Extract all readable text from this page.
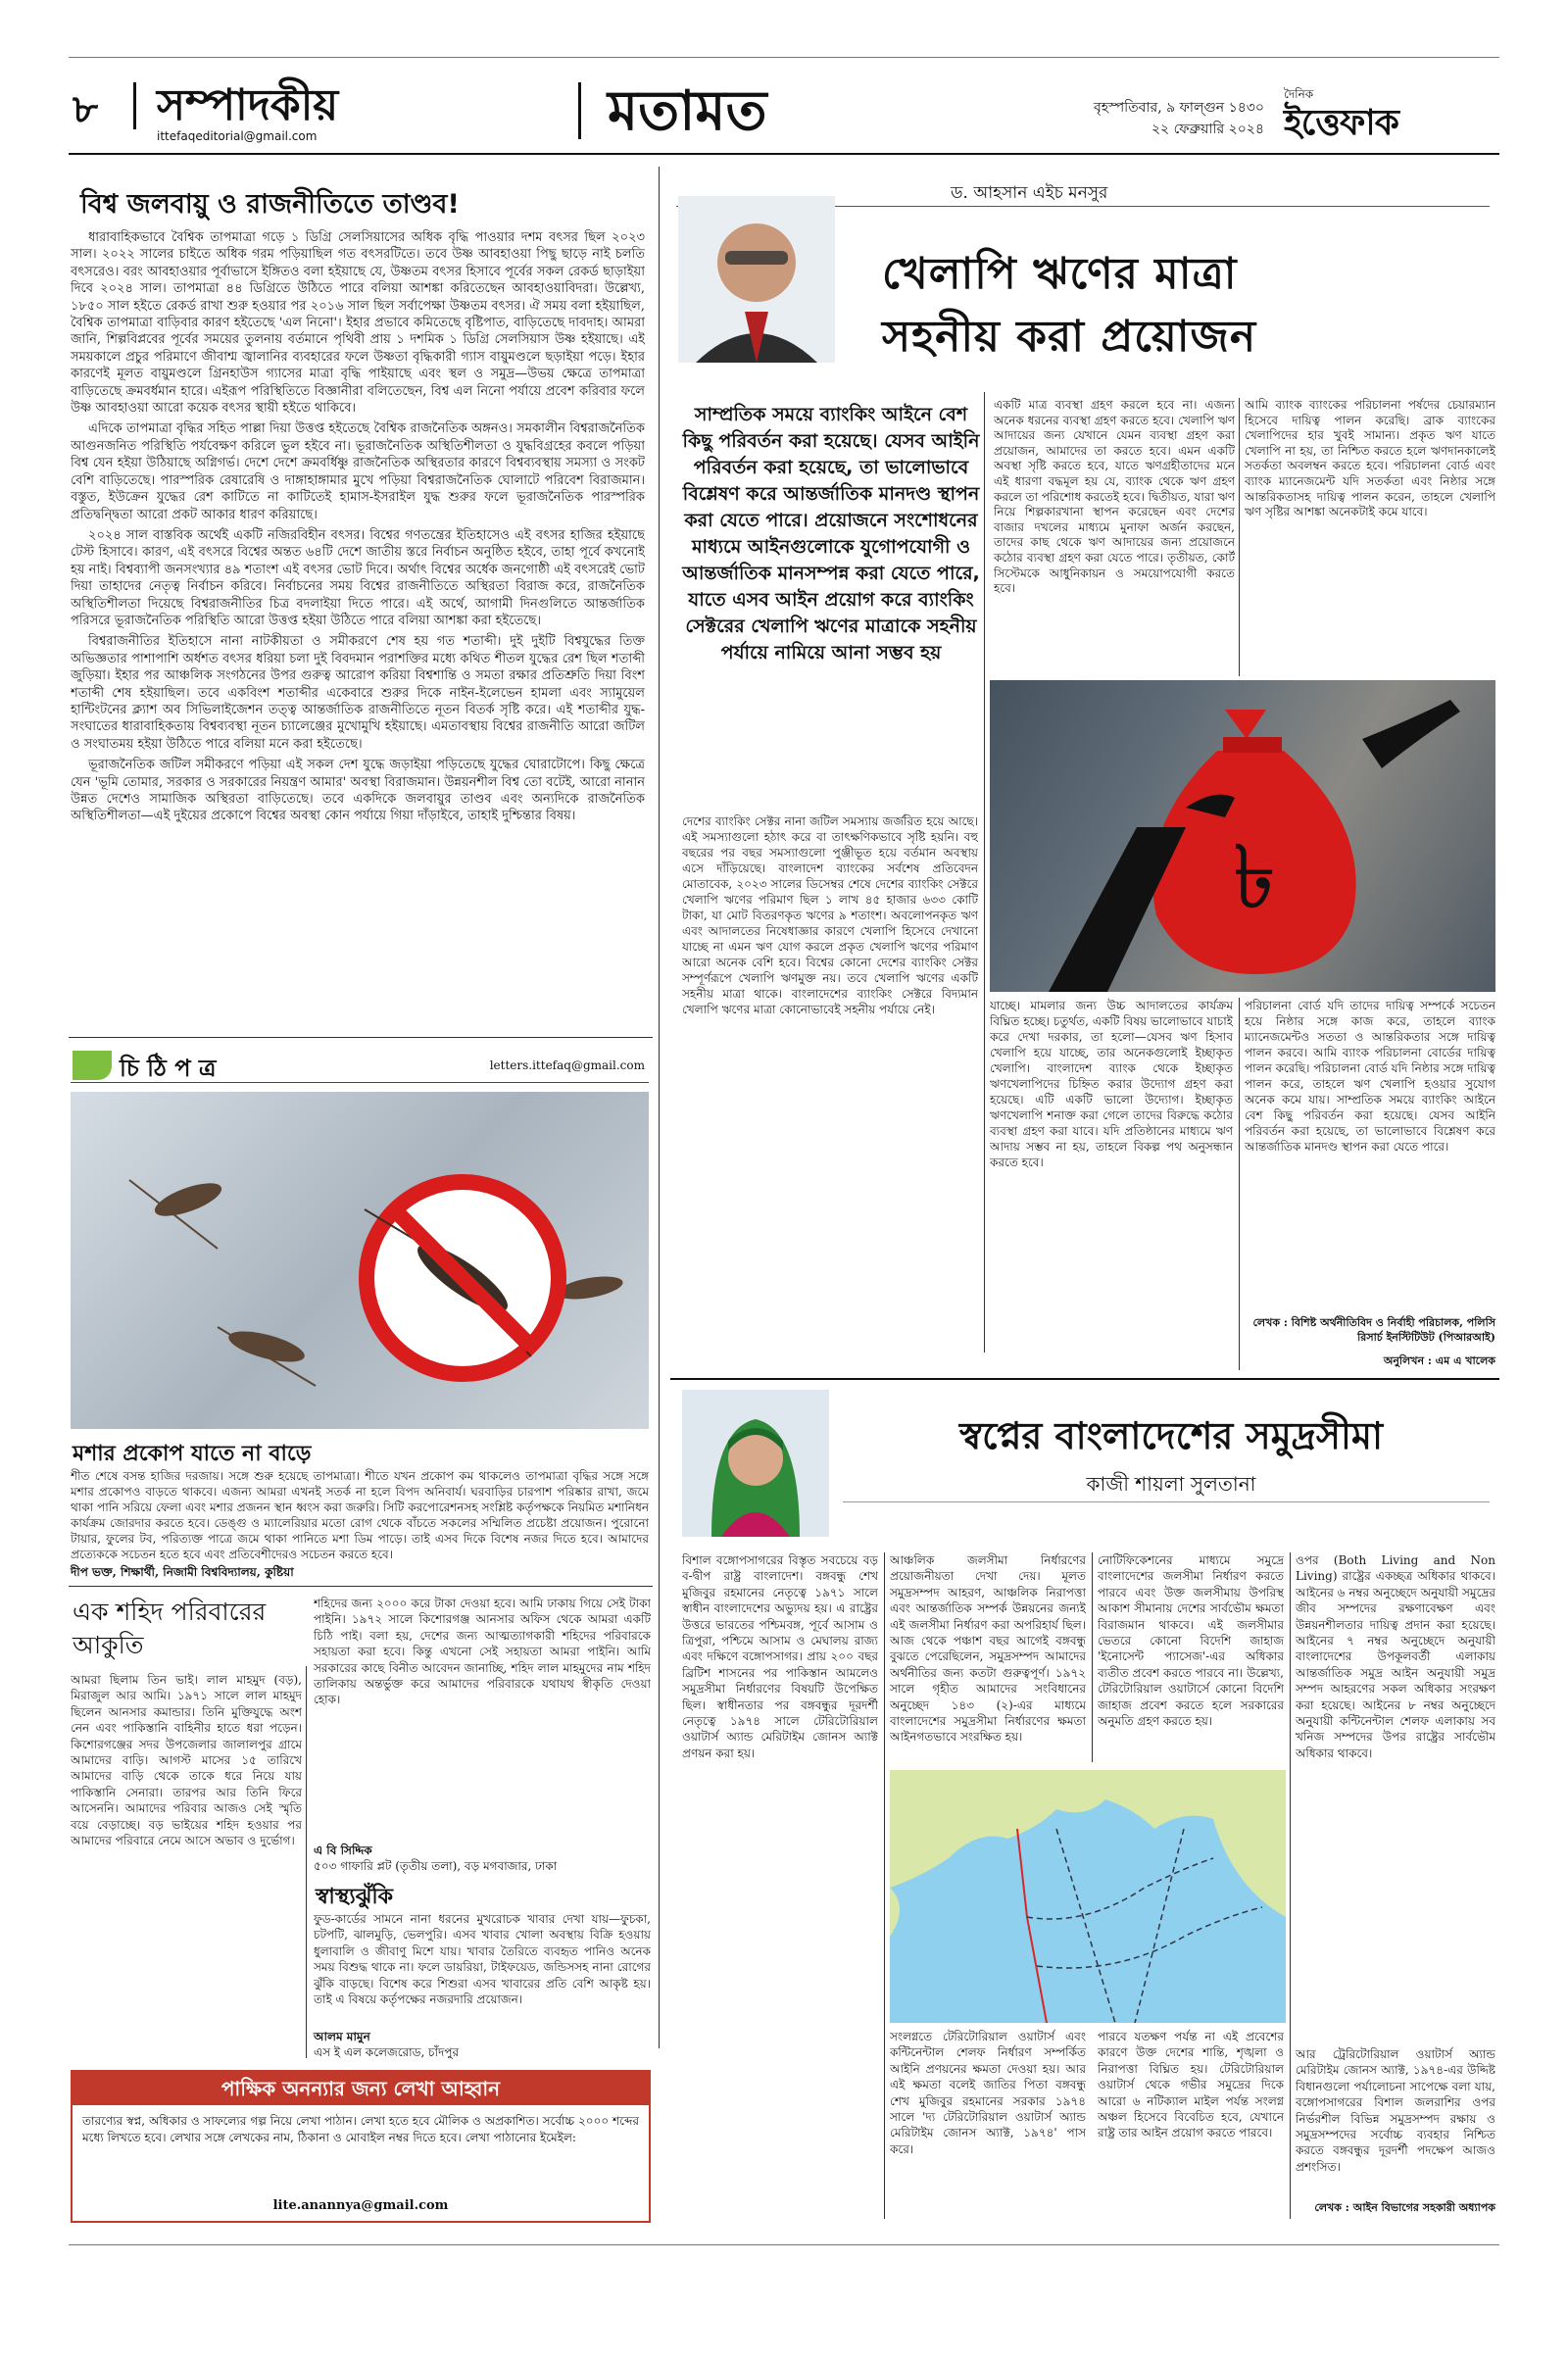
৮ সম্পাদকীয়
ittefaqeditorial@gmail.com	মতামত	বৃহস্পতিবার, ৯ ফাল্গুন ১৪৩০
২২ ফেব্রুয়ারি ২০২৪
দৈনিক
ইত্তেফাক
বিশ্ব জলবায়ু ও রাজনীতিতে তাণ্ডব!

ধারাবাহিকভাবে বৈশ্বিক তাপমাত্রা গড়ে ১ ডিগ্রি সেলসিয়াসের অধিক বৃদ্ধি পাওয়ার দশম বৎসর ছিল ২০২৩ সাল। ২০২২ সালের চাইতে অধিক গরম পড়িয়াছিল গত বৎসরটিতে। তবে উষ্ণ আবহাওয়া পিছু ছাড়ে নাই চলতি বৎসরেও। বরং আবহাওয়ার পূর্বাভাসে ইঙ্গিতও বলা হইয়াছে যে, উষ্ণতম বৎসর হিসাবে পূর্বের সকল রেকর্ড ছাড়াইয়া দিবে ২০২৪ সাল। তাপমাত্রা ৪৪ ডিগ্রিতে উঠিতে পারে বলিয়া আশঙ্কা করিতেছেন আবহাওয়াবিদরা। উল্লেখ্য, ১৮৫০ সাল হইতে রেকর্ড রাখা শুরু হওয়ার পর ২০১৬ সাল ছিল সর্বাপেক্ষা উষ্ণতম বৎসর। ঐ সময় বলা হইয়াছিল, বৈশ্বিক তাপমাত্রা বাড়িবার কারণ হইতেছে 'এল নিনো'। ইহার প্রভাবে কমিতেছে বৃষ্টিপাত, বাড়িতেছে দাবদাহ। আমরা জানি, শিল্পবিপ্লবের পূর্বের সময়ের তুলনায় বর্তমানে পৃথিবী প্রায় ১ দশমিক ১ ডিগ্রি সেলসিয়াস উষ্ণ হইয়াছে। এই সময়কালে প্রচুর পরিমাণে জীবাশ্ম জ্বালানির ব্যবহারের ফলে উষ্ণতা বৃদ্ধিকারী গ্যাস বায়ুমণ্ডলে ছড়াইয়া পড়ে। ইহার কারণেই মূলত বায়ুমণ্ডলে গ্রিনহাউস গ্যাসের মাত্রা বৃদ্ধি পাইয়াছে এবং স্থল ও সমুদ্র—উভয় ক্ষেত্রে তাপমাত্রা বাড়িতেছে ক্রমবর্ধমান হারে। এইরূপ পরিস্থিতিতে বিজ্ঞানীরা বলিতেছেন, বিশ্ব এল নিনো পর্যায়ে প্রবেশ করিবার ফলে উষ্ণ আবহাওয়া আরো কয়েক বৎসর স্থায়ী হইতে থাকিবে।

এদিকে তাপমাত্রা বৃদ্ধির সহিত পাল্লা দিয়া উত্তপ্ত হইতেছে বৈশ্বিক রাজনৈতিক অঙ্গনও। সমকালীন বিশ্বরাজনৈতিক আগুনজনিত পরিস্থিতি পর্যবেক্ষণ করিলে ভুল হইবে না। ভূরাজনৈতিক অস্থিতিশীলতা ও যুদ্ধবিগ্রহের কবলে পড়িয়া বিশ্ব যেন হইয়া উঠিয়াছে অগ্নিগর্ভ। দেশে দেশে ক্রমবর্ধিষ্ণু রাজনৈতিক অস্থিরতার কারণে বিশ্বব্যবস্থায় সমস্যা ও সংকট বেশি বাড়িতেছে। পারস্পরিক রেষারেষি ও দাঙ্গাহাঙ্গামার মুখে পড়িয়া বিশ্বরাজনৈতিক ঘোলাটে পরিবেশ বিরাজমান। বস্তুত, ইউক্রেন যুদ্ধের রেশ কাটিতে না কাটিতেই হামাস-ইসরাইল যুদ্ধ শুরুর ফলে ভূরাজনৈতিক পারস্পরিক প্রতিদ্বন্দ্বিতা আরো প্রকট আকার ধারণ করিয়াছে।

২০২৪ সাল বাস্তবিক অর্থেই একটি নজিরবিহীন বৎসর। বিশ্বের গণতন্ত্রের ইতিহাসেও এই বৎসর হাজির হইয়াছে টেস্ট হিসাবে। কারণ, এই বৎসরে বিশ্বের অন্তত ৬৪টি দেশে জাতীয় স্তরে নির্বাচন অনুষ্ঠিত হইবে, তাহা পূর্বে কখনোই হয় নাই। বিশ্বব্যাপী জনসংখ্যার ৪৯ শতাংশ এই বৎসর ভোট দিবে। অর্থাৎ বিশ্বের অর্ধেক জনগোষ্ঠী এই বৎসরেই ভোট দিয়া তাহাদের নেতৃত্ব নির্বাচন করিবে। নির্বাচনের সময় বিশ্বের রাজনীতিতে অস্থিরতা বিরাজ করে, রাজনৈতিক অস্থিতিশীলতা দিয়েছে বিশ্বরাজনীতির চিত্র বদলাইয়া দিতে পারে। এই অর্থে, আগামী দিনগুলিতে আন্তর্জাতিক পরিসরে ভূরাজনৈতিক পরিস্থিতি আরো উত্তপ্ত হইয়া উঠিতে পারে বলিয়া আশঙ্কা করা হইতেছে।

বিশ্বরাজনীতির ইতিহাসে নানা নাটকীয়তা ও সমীকরণে শেষ হয় গত শতাব্দী। দুই দুইটি বিশ্বযুদ্ধের তিক্ত অভিজ্ঞতার পাশাপাশি অর্ধশত বৎসর ধরিয়া চলা দুই বিবদমান পরাশক্তির মধ্যে কথিত শীতল যুদ্ধের রেশ ছিল শতাব্দী জুড়িয়া। ইহার পর আঞ্চলিক সংগঠনের উপর গুরুত্ব আরোপ করিয়া বিশ্বশান্তি ও সমতা রক্ষার প্রতিশ্রুতি দিয়া বিংশ শতাব্দী শেষ হইয়াছিল। তবে একবিংশ শতাব্দীর একেবারে শুরুর দিকে নাইন-ইলেভেন হামলা এবং স্যামুয়েল হান্টিংটনের ক্ল্যাশ অব সিভিলাইজেশন তত্ত্ব আন্তর্জাতিক রাজনীতিতে নূতন বিতর্ক সৃষ্টি করে। এই শতাব্দীর যুদ্ধ-সংঘাতের ধারাবাহিকতায় বিশ্বব্যবস্থা নূতন চ্যালেঞ্জের মুখোমুখি হইয়াছে। এমতাবস্থায় বিশ্বের রাজনীতি আরো জটিল ও সংঘাতময় হইয়া উঠিতে পারে বলিয়া মনে করা হইতেছে।

ভূরাজনৈতিক জটিল সমীকরণে পড়িয়া এই সকল দেশ যুদ্ধে জড়াইয়া পড়িতেছে যুদ্ধের ঘোরাটোপে। কিছু ক্ষেত্রে যেন 'ভূমি তোমার, সরকার ও সরকারের নিয়ন্ত্রণ আমার' অবস্থা বিরাজমান। উন্নয়নশীল বিশ্ব তো বটেই, আরো নানান উন্নত দেশেও সামাজিক অস্থিরতা বাড়িতেছে। তবে একদিকে জলবায়ুর তাণ্ডব এবং অন্যদিকে রাজনৈতিক অস্থিতিশীলতা—এই দুইয়ের প্রকোপে বিশ্বের অবস্থা কোন পর্যায়ে গিয়া দাঁড়াইবে, তাহাই দুশ্চিন্তার বিষয়।

চি ঠি প ত্র	letters.ittefaq@gmail.com
মশার প্রকোপ যাতে না বাড়ে
শীত শেষে বসন্ত হাজির দরজায়। সঙ্গে শুরু হয়েছে তাপমাত্রা। শীতে যখন প্রকোপ কম থাকলেও তাপমাত্রা বৃদ্ধির সঙ্গে সঙ্গে মশার প্রকোপও বাড়তে থাকবে। এজন্য আমরা এখনই সতর্ক না হলে বিপদ অনিবার্য। ঘরবাড়ির চারপাশ পরিষ্কার রাখা, জমে থাকা পানি সরিয়ে ফেলা এবং মশার প্রজনন স্থান ধ্বংস করা জরুরি। সিটি করপোরেশনসহ সংশ্লিষ্ট কর্তৃপক্ষকে নিয়মিত মশানিধন কার্যক্রম জোরদার করতে হবে। ডেঙ্গু ও ম্যালেরিয়ার মতো রোগ থেকে বাঁচতে সকলের সম্মিলিত প্রচেষ্টা প্রয়োজন। পুরোনো টায়ার, ফুলের টব, পরিত্যক্ত পাত্রে জমে থাকা পানিতে মশা ডিম পাড়ে। তাই এসব দিকে বিশেষ নজর দিতে হবে। আমাদের প্রত্যেককে সচেতন হতে হবে এবং প্রতিবেশীদেরও সচেতন করতে হবে।
দীপ ভক্ত, শিক্ষার্থী, নিজামী বিশ্ববিদ্যালয়, কুষ্টিয়া
এক শহিদ পরিবারের আকুতি
আমরা ছিলাম তিন ভাই। লাল মাহমুদ (বড়), মিরাজুল আর আমি। ১৯৭১ সালে লাল মাহমুদ ছিলেন আনসার কমান্ডার। তিনি মুক্তিযুদ্ধে অংশ নেন এবং পাকিস্তানি বাহিনীর হাতে ধরা পড়েন। কিশোরগঞ্জের সদর উপজেলার জালালপুর গ্রামে আমাদের বাড়ি। আগস্ট মাসের ১৫ তারিখে আমাদের বাড়ি থেকে তাকে ধরে নিয়ে যায় পাকিস্তানি সেনারা। তারপর আর তিনি ফিরে আসেননি। আমাদের পরিবার আজও সেই স্মৃতি বয়ে বেড়াচ্ছে। বড় ভাইয়ের শহিদ হওয়ার পর আমাদের পরিবারে নেমে আসে অভাব ও দুর্ভোগ।
শহিদের জন্য ২০০০ করে টাকা দেওয়া হবে। আমি ঢাকায় গিয়ে সেই টাকা পাইনি। ১৯৭২ সালে কিশোরগঞ্জ আনসার অফিস থেকে আমরা একটি চিঠি পাই। বলা হয়, দেশের জন্য আত্মত্যাগকারী শহিদের পরিবারকে সহায়তা করা হবে। কিন্তু এখনো সেই সহায়তা আমরা পাইনি। আমি সরকারের কাছে বিনীত আবেদন জানাচ্ছি, শহিদ লাল মাহমুদের নাম শহিদ তালিকায় অন্তর্ভুক্ত করে আমাদের পরিবারকে যথাযথ স্বীকৃতি দেওয়া হোক।
এ বি সিদ্দিক
৫০৩ গাফারি প্লট (তৃতীয় তলা), বড় মগবাজার, ঢাকা
স্বাস্থ্যঝুঁকি
ফুড-কার্ডের সামনে নানা ধরনের মুখরোচক খাবার দেখা যায়—ফুচকা, চটপটি, ঝালমুড়ি, ভেলপুরি। এসব খাবার খোলা অবস্থায় বিক্রি হওয়ায় ধুলাবালি ও জীবাণু মিশে যায়। খাবার তৈরিতে ব্যবহৃত পানিও অনেক সময় বিশুদ্ধ থাকে না। ফলে ডায়রিয়া, টাইফয়েড, জন্ডিসসহ নানা রোগের ঝুঁকি বাড়ছে। বিশেষ করে শিশুরা এসব খাবারের প্রতি বেশি আকৃষ্ট হয়। তাই এ বিষয়ে কর্তৃপক্ষের নজরদারি প্রয়োজন।
আলম মামুন
এস ই এল কলেজরোড, চাঁদপুর
পাক্ষিক অনন্যার জন্য লেখা আহ্বান
তারণ্যের স্বপ্ন, অধিকার ও সাফল্যের গল্প নিয়ে লেখা পাঠান। লেখা হতে হবে মৌলিক ও অপ্রকাশিত। সর্বোচ্চ ২০০০ শব্দের মধ্যে লিখতে হবে। লেখার সঙ্গে লেখকের নাম, ঠিকানা ও মোবাইল নম্বর দিতে হবে। লেখা পাঠানোর ইমেইল:
lite.anannya@gmail.com
ড. আহসান এইচ মনসুর
খেলাপি ঋণের মাত্রা
সহনীয় করা প্রয়োজন
সাম্প্রতিক সময়ে ব্যাংকিং আইনে বেশ কিছু পরিবর্তন করা হয়েছে। যেসব আইনি পরিবর্তন করা হয়েছে, তা ভালোভাবে বিশ্লেষণ করে আন্তর্জাতিক মানদণ্ড স্থাপন করা যেতে পারে। প্রয়োজনে সংশোধনের মাধ্যমে আইনগুলোকে যুগোপযোগী ও আন্তর্জাতিক মানসম্পন্ন করা যেতে পারে, যাতে এসব আইন প্রয়োগ করে ব্যাংকিং সেক্টরের খেলাপি ঋণের মাত্রাকে সহনীয় পর্যায়ে নামিয়ে আনা সম্ভব হয়
একটি মাত্র ব্যবস্থা গ্রহণ করলে হবে না। এজন্য অনেক ধরনের ব্যবস্থা গ্রহণ করতে হবে। খেলাপি ঋণ আদায়ের জন্য যেখানে যেমন ব্যবস্থা গ্রহণ করা প্রয়োজন, আমাদের তা করতে হবে। এমন একটি অবস্থা সৃষ্টি করতে হবে, যাতে ঋণগ্রহীতাদের মনে এই ধারণা বদ্ধমূল হয় যে, ব্যাংক থেকে ঋণ গ্রহণ করলে তা পরিশোধ করতেই হবে। দ্বিতীয়ত, যারা ঋণ নিয়ে শিল্পকারখানা স্থাপন করেছেন এবং দেশের বাজার দখলের মাধ্যমে মুনাফা অর্জন করছেন, তাদের কাছ থেকে ঋণ আদায়ের জন্য প্রয়োজনে কঠোর ব্যবস্থা গ্রহণ করা যেতে পারে। তৃতীয়ত, কোর্ট সিস্টেমকে আধুনিকায়ন ও সময়োপযোগী করতে হবে।
আমি ব্যাংক ব্যাংকের পরিচালনা পর্ষদের চেয়ারম্যান হিসেবে দায়িত্ব পালন করেছি। ব্রাক ব্যাংকের খেলাপিদের হার খুবই সামান্য। প্রকৃত ঋণ যাতে খেলাপি না হয়, তা নিশ্চিত করতে হলে ঋণদানকালেই সতর্কতা অবলম্বন করতে হবে। পরিচালনা বোর্ড এবং ব্যাংক ম্যানেজমেন্ট যদি সতর্কতা এবং নিষ্ঠার সঙ্গে আন্তরিকতাসহ দায়িত্ব পালন করেন, তাহলে খেলাপি ঋণ সৃষ্টির আশঙ্কা অনেকটাই কমে যাবে।
৳
দেশের ব্যাংকিং সেক্টর নানা জটিল সমস্যায় জর্জরিত হয়ে আছে। এই সমস্যাগুলো হঠাৎ করে বা তাৎক্ষণিকভাবে সৃষ্টি হয়নি। বহু বছরের পর বছর সমস্যাগুলো পুঞ্জীভূত হয়ে বর্তমান অবস্থায় এসে দাঁড়িয়েছে। বাংলাদেশ ব্যাংকের সর্বশেষ প্রতিবেদন মোতাবেক, ২০২৩ সালের ডিসেম্বর শেষে দেশের ব্যাংকিং সেক্টরে খেলাপি ঋণের পরিমাণ ছিল ১ লাখ ৪৫ হাজার ৬৩৩ কোটি টাকা, যা মোট বিতরণকৃত ঋণের ৯ শতাংশ। অবলোপনকৃত ঋণ এবং আদালতের নিষেধাজ্ঞার কারণে খেলাপি হিসেবে দেখানো যাচ্ছে না এমন ঋণ যোগ করলে প্রকৃত খেলাপি ঋণের পরিমাণ আরো অনেক বেশি হবে। বিশ্বের কোনো দেশের ব্যাংকিং সেক্টর সম্পূর্ণরূপে খেলাপি ঋণমুক্ত নয়। তবে খেলাপি ঋণের একটি সহনীয় মাত্রা থাকে। বাংলাদেশের ব্যাংকিং সেক্টরে বিদ্যমান খেলাপি ঋণের মাত্রা কোনোভাবেই সহনীয় পর্যায়ে নেই।	যাচ্ছে। মামলার জন্য উচ্চ আদালতের কার্যক্রম বিঘ্নিত হচ্ছে। চতুর্থত, একটি বিষয় ভালোভাবে যাচাই করে দেখা দরকার, তা হলো—যেসব ঋণ হিসাব খেলাপি হয়ে যাচ্ছে, তার অনেকগুলোই ইচ্ছাকৃত খেলাপি। বাংলাদেশ ব্যাংক থেকে ইচ্ছাকৃত ঋণখেলাপিদের চিহ্নিত করার উদ্যোগ গ্রহণ করা হয়েছে। এটি একটি ভালো উদ্যোগ। ইচ্ছাকৃত ঋণখেলাপি শনাক্ত করা গেলে তাদের বিরুদ্ধে কঠোর ব্যবস্থা গ্রহণ করা যাবে। যদি প্রতিষ্ঠানের মাধ্যমে ঋণ আদায় সম্ভব না হয়, তাহলে বিকল্প পথ অনুসন্ধান করতে হবে।
পরিচালনা বোর্ড যদি তাদের দায়িত্ব সম্পর্কে সচেতন হয়ে নিষ্ঠার সঙ্গে কাজ করে, তাহলে ব্যাংক ম্যানেজমেন্টও সততা ও আন্তরিকতার সঙ্গে দায়িত্ব পালন করবে। আমি ব্যাংক পরিচালনা বোর্ডের দায়িত্ব পালন করেছি। পরিচালনা বোর্ড যদি নিষ্ঠার সঙ্গে দায়িত্ব পালন করে, তাহলে ঋণ খেলাপি হওয়ার সুযোগ অনেক কমে যায়। সাম্প্রতিক সময়ে ব্যাংকিং আইনে বেশ কিছু পরিবর্তন করা হয়েছে। যেসব আইনি পরিবর্তন করা হয়েছে, তা ভালোভাবে বিশ্লেষণ করে আন্তর্জাতিক মানদণ্ড স্থাপন করা যেতে পারে।
লেখক : বিশিষ্ট অর্থনীতিবিদ ও নির্বাহী পরিচালক, পলিসি রিসার্চ ইনস্টিটিউট (পিআরআই)
অনুলিখন : এম এ খালেক
স্বপ্নের বাংলাদেশের সমুদ্রসীমা
কাজী শায়লা সুলতানা
বিশাল বঙ্গোপসাগরের বিস্তৃত সবচেয়ে বড় ব-দ্বীপ রাষ্ট্র বাংলাদেশ। বঙ্গবন্ধু শেখ মুজিবুর রহমানের নেতৃত্বে ১৯৭১ সালে স্বাধীন বাংলাদেশের অভ্যুদয় হয়। এ রাষ্ট্রের উত্তরে ভারতের পশ্চিমবঙ্গ, পূর্বে আসাম ও ত্রিপুরা, পশ্চিমে আসাম ও মেঘালয় রাজ্য এবং দক্ষিণে বঙ্গোপসাগর। প্রায় ২০০ বছর ব্রিটিশ শাসনের পর পাকিস্তান আমলেও সমুদ্রসীমা নির্ধারণের বিষয়টি উপেক্ষিত ছিল। স্বাধীনতার পর বঙ্গবন্ধুর দূরদর্শী নেতৃত্বে ১৯৭৪ সালে টেরিটোরিয়াল ওয়াটার্স অ্যান্ড মেরিটাইম জোনস অ্যাক্ট প্রণয়ন করা হয়।
আঞ্চলিক জলসীমা নির্ধারণের প্রয়োজনীয়তা দেখা দেয়। মূলত সমুদ্রসম্পদ আহরণ, আঞ্চলিক নিরাপত্তা এবং আন্তর্জাতিক সম্পর্ক উন্নয়নের জন্যই এই জলসীমা নির্ধারণ করা অপরিহার্য ছিল। আজ থেকে পঞ্চাশ বছর আগেই বঙ্গবন্ধু বুঝতে পেরেছিলেন, সমুদ্রসম্পদ আমাদের অর্থনীতির জন্য কতটা গুরুত্বপূর্ণ। ১৯৭২ সালে গৃহীত আমাদের সংবিধানের অনুচ্ছেদ ১৪৩ (২)-এর মাধ্যমে বাংলাদেশের সমুদ্রসীমা নির্ধারণের ক্ষমতা আইনগতভাবে সংরক্ষিত হয়।
নোটিফিকেশনের মাধ্যমে সমুদ্রে বাংলাদেশের জলসীমা নির্ধারণ করতে পারবে এবং উক্ত জলসীমায় উপরিস্থ আকাশ সীমানায় দেশের সার্বভৌম ক্ষমতা বিরাজমান থাকবে। এই জলসীমার ভেতরে কোনো বিদেশি জাহাজ 'ইনোসেন্ট প্যাসেজ'-এর অধিকার ব্যতীত প্রবেশ করতে পারবে না। উল্লেখ্য, টেরিটোরিয়াল ওয়াটার্সে কোনো বিদেশি জাহাজ প্রবেশ করতে হলে সরকারের অনুমতি গ্রহণ করতে হয়।
ওপর (Both Living and Non Living) রাষ্ট্রের একচ্ছত্র অধিকার থাকবে। আইনের ৬ নম্বর অনুচ্ছেদে অনুযায়ী সমুদ্রের জীব সম্পদের রক্ষণাবেক্ষণ এবং উন্নয়নশীলতার দায়িত্ব প্রদান করা হয়েছে। আইনের ৭ নম্বর অনুচ্ছেদে অনুযায়ী বাংলাদেশের উপকূলবর্তী এলাকায় আন্তর্জাতিক সমুদ্র আইন অনুযায়ী সমুদ্র সম্পদ আহরণের সকল অধিকার সংরক্ষণ করা হয়েছে। আইনের ৮ নম্বর অনুচ্ছেদে অনুযায়ী কন্টিনেন্টাল শেলফ এলাকায় সব খনিজ সম্পদের উপর রাষ্ট্রের সার্বভৌম অধিকার থাকবে।
সংলগ্নতে টেরিটোরিয়াল ওয়াটার্স এবং কন্টিনেন্টাল শেলফ নির্ধারণ সম্পর্কিত আইনি প্রণয়নের ক্ষমতা দেওয়া হয়। আর এই ক্ষমতা বলেই জাতির পিতা বঙ্গবন্ধু শেখ মুজিবুর রহমানের সরকার ১৯৭৪ সালে 'দ্য টেরিটোরিয়াল ওয়াটার্স অ্যান্ড মেরিটাইম জোনস অ্যাক্ট, ১৯৭৪' পাস করে।
পারবে যতক্ষণ পর্যন্ত না এই প্রবেশের কারণে উক্ত দেশের শান্তি, শৃঙ্খলা ও নিরাপত্তা বিঘ্নিত হয়। টেরিটোরিয়াল ওয়াটার্স থেকে গভীর সমুদ্রের দিকে আরো ৬ নটিক্যাল মাইল পর্যন্ত সংলগ্ন অঞ্চল হিসেবে বিবেচিত হবে, যেখানে রাষ্ট্র তার আইন প্রয়োগ করতে পারবে।
আর ট্রেরিটোরিয়াল ওয়াটার্স অ্যান্ড মেরিটাইম জোনস অ্যাক্ট, ১৯৭৪-এর উদ্দিষ্ট বিধানগুলো পর্যালোচনা সাপেক্ষে বলা যায়, বঙ্গোপসাগরের বিশাল জলরাশির ওপর নির্ভরশীল বিভিন্ন সমুদ্রসম্পদ রক্ষায় ও সমুদ্রসম্পদের সর্বোচ্চ ব্যবহার নিশ্চিত করতে বঙ্গবন্ধুর দূরদর্শী পদক্ষেপ আজও প্রশংসিত।
লেখক : আইন বিভাগের সহকারী অধ্যাপক
